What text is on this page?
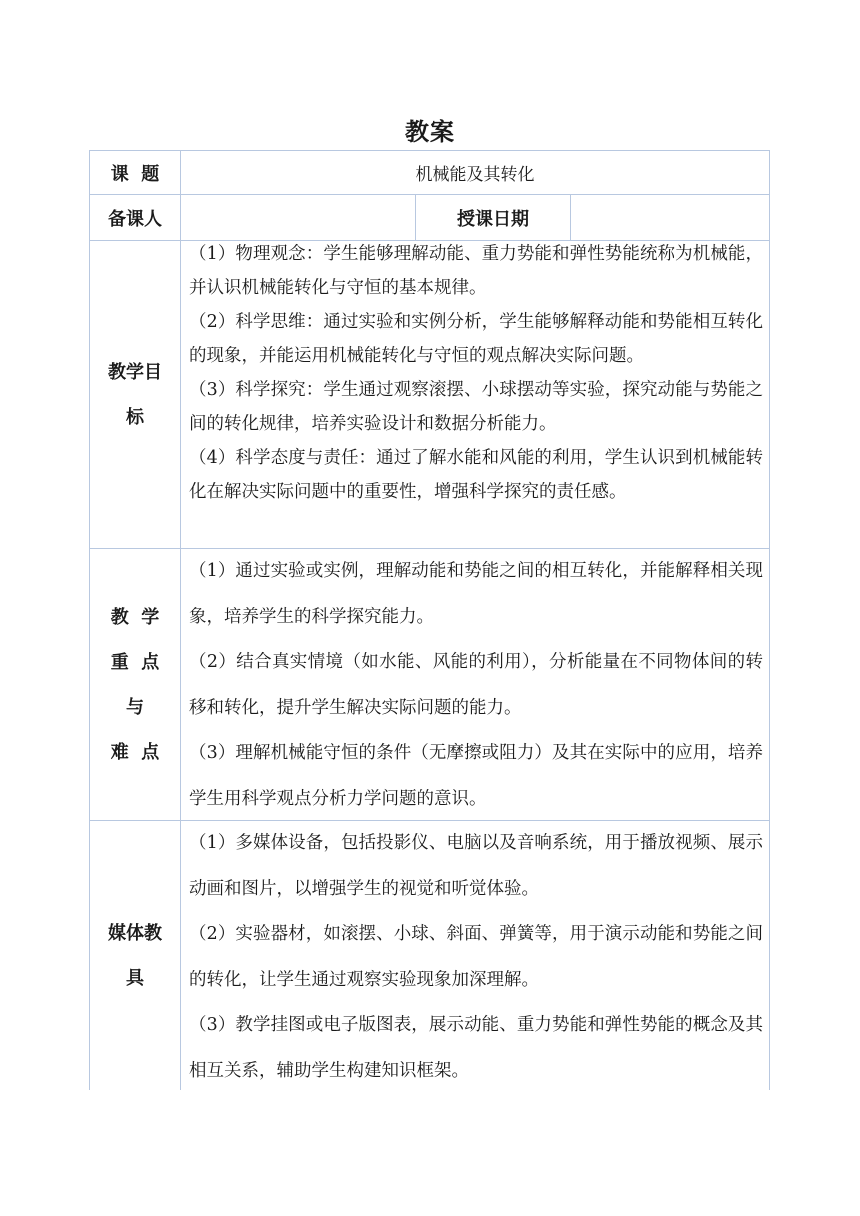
教案
课  题	机械能及其转化
备课人	授课日期
教学目
标

（1）物理观念：学生能够理解动能、重力势能和弹性势能统称为机械能，并认识机械能转化与守恒的基本规律。

（2）科学思维：通过实验和实例分析，学生能够解释动能和势能相互转化的现象，并能运用机械能转化与守恒的观点解决实际问题。

（3）科学探究：学生通过观察滚摆、小球摆动等实验，探究动能与势能之间的转化规律，培养实验设计和数据分析能力。

（4）科学态度与责任：通过了解水能和风能的利用，学生认识到机械能转化在解决实际问题中的重要性，增强科学探究的责任感。

教  学
重  点
与
难  点

（1）通过实验或实例，理解动能和势能之间的相互转化，并能解释相关现象，培养学生的科学探究能力。

（2）结合真实情境（如水能、风能的利用），分析能量在不同物体间的转移和转化，提升学生解决实际问题的能力。

（3）理解机械能守恒的条件（无摩擦或阻力）及其在实际中的应用，培养学生用科学观点分析力学问题的意识。

媒体教
具

（1）多媒体设备，包括投影仪、电脑以及音响系统，用于播放视频、展示动画和图片，以增强学生的视觉和听觉体验。

（2）实验器材，如滚摆、小球、斜面、弹簧等，用于演示动能和势能之间的转化，让学生通过观察实验现象加深理解。

（3）教学挂图或电子版图表，展示动能、重力势能和弹性势能的概念及其相互关系，辅助学生构建知识框架。
